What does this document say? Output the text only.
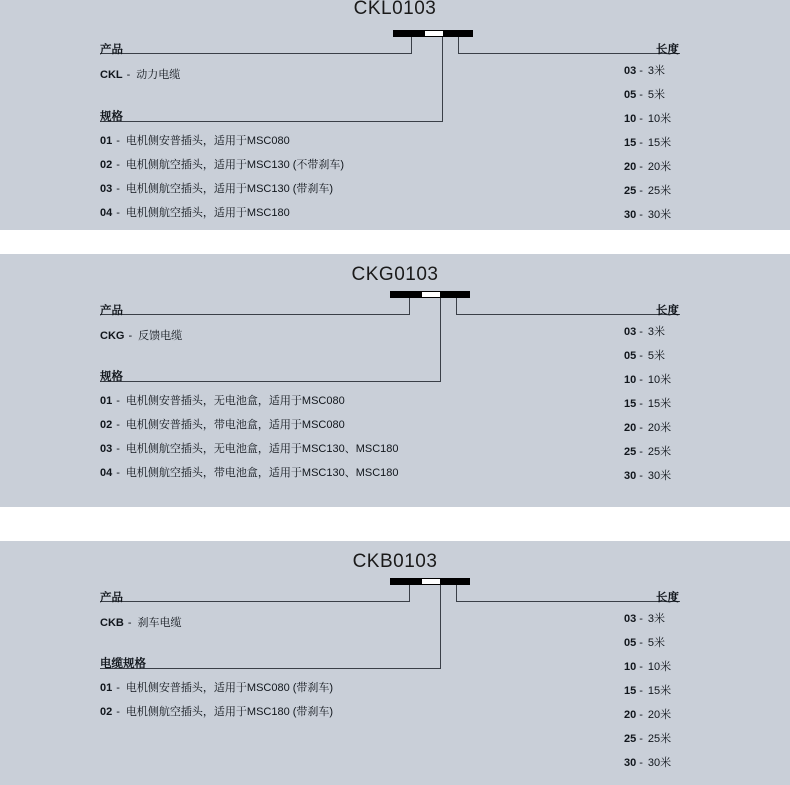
CKL0103
产品
规格
长度
CKL - 动力电缆
01 - 电机侧安普插头，适用于MSC080
02 - 电机侧航空插头，适用于MSC130 (不带刹车)
03 - 电机侧航空插头，适用于MSC130 (带刹车)
04 - 电机侧航空插头，适用于MSC180
03 - 3米
05 - 5米
10 - 10米
15 - 15米
20 - 20米
25 - 25米
30 - 30米
CKG0103
产品
规格
长度
CKG - 反馈电缆
01 - 电机侧安普插头，无电池盒，适用于MSC080
02 - 电机侧安普插头，带电池盒，适用于MSC080
03 - 电机侧航空插头，无电池盒，适用于MSC130、MSC180
04 - 电机侧航空插头，带电池盒，适用于MSC130、MSC180
03 - 3米
05 - 5米
10 - 10米
15 - 15米
20 - 20米
25 - 25米
30 - 30米
CKB0103
产品
电缆规格
长度
CKB - 刹车电缆
01 - 电机侧安普插头，适用于MSC080 (带刹车)
02 - 电机侧航空插头，适用于MSC180 (带刹车)
03 - 3米
05 - 5米
10 - 10米
15 - 15米
20 - 20米
25 - 25米
30 - 30米
